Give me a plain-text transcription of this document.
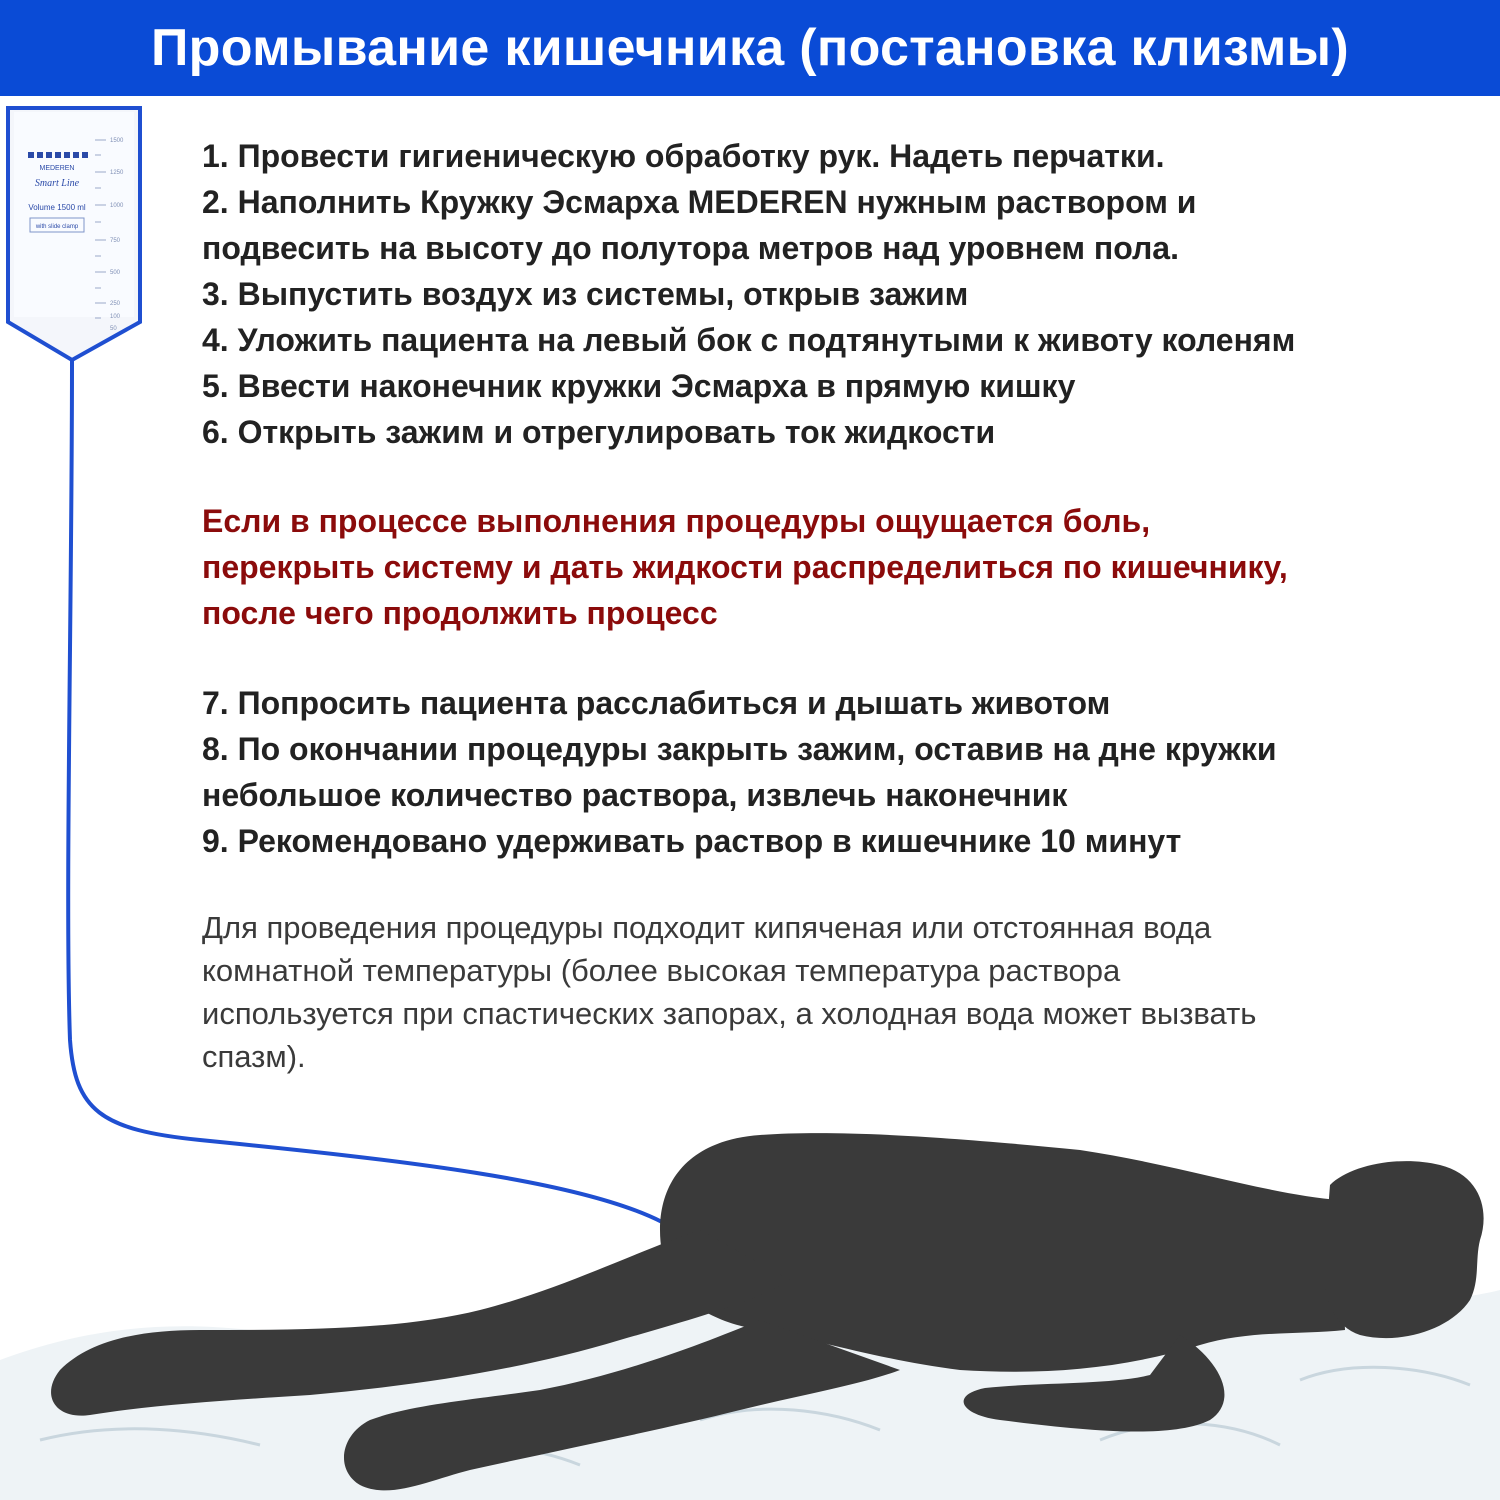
Промывание кишечника (постановка клизмы)
MEDEREN
Smart Line
Volume 1500 ml
with slide clamp
1500
1250
1000
750
500
250
100
50
1. Провести гигиеническую обработку рук. Надеть перчатки.
2. Наполнить Кружку Эсмарха MEDEREN нужным раствором и
подвесить на высоту до полутора метров над уровнем пола.
3. Выпустить воздух из системы, открыв зажим
4. Уложить пациента на левый бок с подтянутыми к животу коленям
5. Ввести наконечник кружки Эсмарха в прямую кишку
6. Открыть зажим и отрегулировать ток жидкости
Если в процессе выполнения процедуры ощущается боль,
перекрыть систему и дать жидкости распределиться по кишечнику,
после чего продолжить процесс
7. Попросить пациента расслабиться и дышать животом
8. По окончании процедуры закрыть зажим, оставив на дне кружки
небольшое количество раствора, извлечь наконечник
9. Рекомендовано удерживать раствор в кишечнике 10 минут
Для проведения процедуры подходит кипяченая или отстоянная вода
комнатной температуры (более высокая температура раствора
используется при спастических запорах, а холодная вода может вызвать
спазм).
